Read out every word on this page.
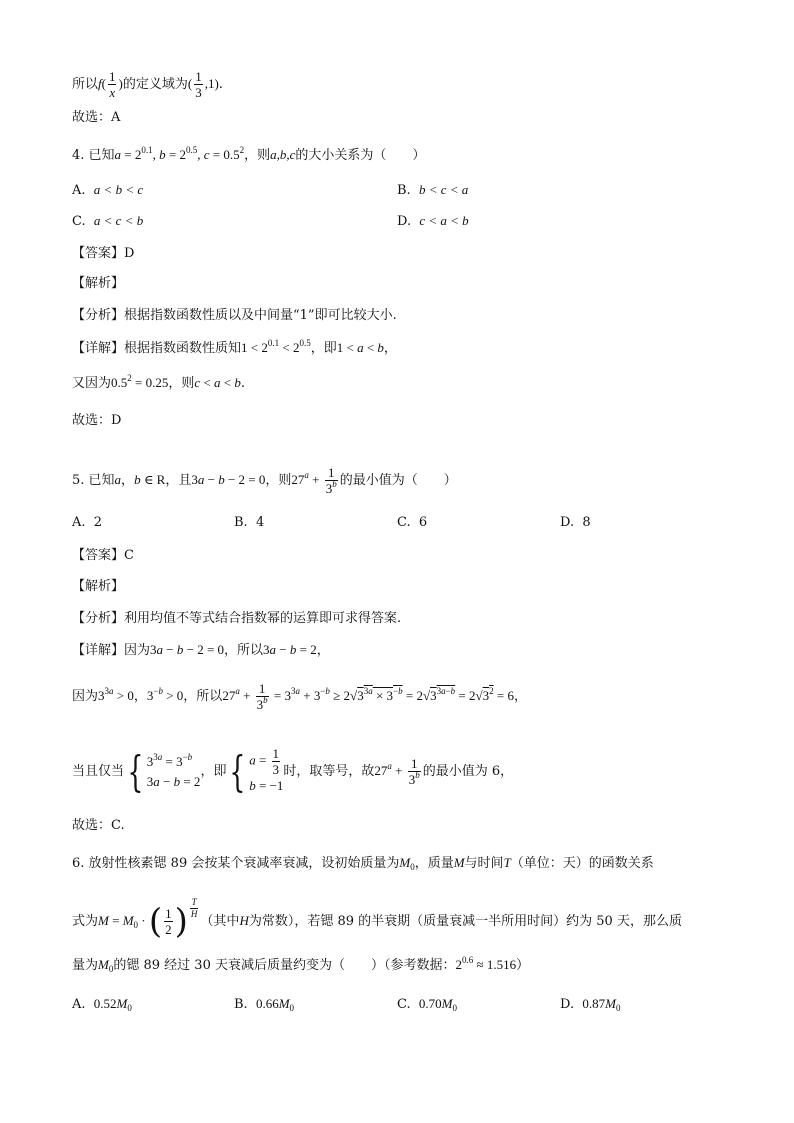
所以$f( \frac{1}{x}$ )的定义域为( $\frac{1}{3} ,1$).
故选：A
4. 已知$a = 2^{0.1}$, $b = 2^{0.5}$, $c = 0.5^2$，则a,b,c的大小关系为（　　）
A. a < b < c	B. b < c < a
C. a < c < b	D. c < a < b
【答案】D
【解析】
【分析】根据指数函数性质以及中间量“1”即可比较大小.
【详解】根据指数函数性质知$1 < 2^{0.1} < 2^{0.5}$，即1 < a < b，
又因为$0.5^2 = 0.25$，则c < a < b.
故选：D
5. 已知a，b ∈ R，且3a − b − 2 = 0，则$27^a + \frac{1}{3^b}$ 的最小值为（　　）
A. 2	B. 4	C. 6	D. 8
【答案】C
【解析】
【分析】利用均值不等式结合指数幂的运算即可求得答案.
【详解】因为3a − b − 2 = 0，所以3a − b = 2，
因为$3^{3a} > 0$，$3^{-b} > 0$，所以$27^a + \frac{1}{3^b} = 3^{3a} + 3^{-b} \ge 2√3^{3a} \times 3^{-b} = 2√3^{3a-b} = 2√3^2 = 6$，
当且仅当{ $3^{3a} = 3^{-b}$
3a − b = 2
，即{ $a = \frac{1}{3}$
b = −1
时，取等号，故$27^a + \frac{1}{3^b}$ 的最小值为 6，
故选：C.
6. 放射性核素锶 89 会按某个衰减率衰减，设初始质量为$M_0$，质量M与时间T（单位：天）的函数关系
式为$M = M_0$ · ( $\frac{1}{2}$ ) $^{\frac{T}{H}}$
（其中H为常数），若锶 89 的半衰期（质量衰减一半所用时间）约为 50 天，那么质
量为$M_0$的锶 89 经过 30 天衰减后质量约变为（　　）（参考数据：$2^{0.6} \approx 1.516$）
A. $0.52M_0$	B. $0.66M_0$	C. $0.70M_0$	D. $0.87M_0$
